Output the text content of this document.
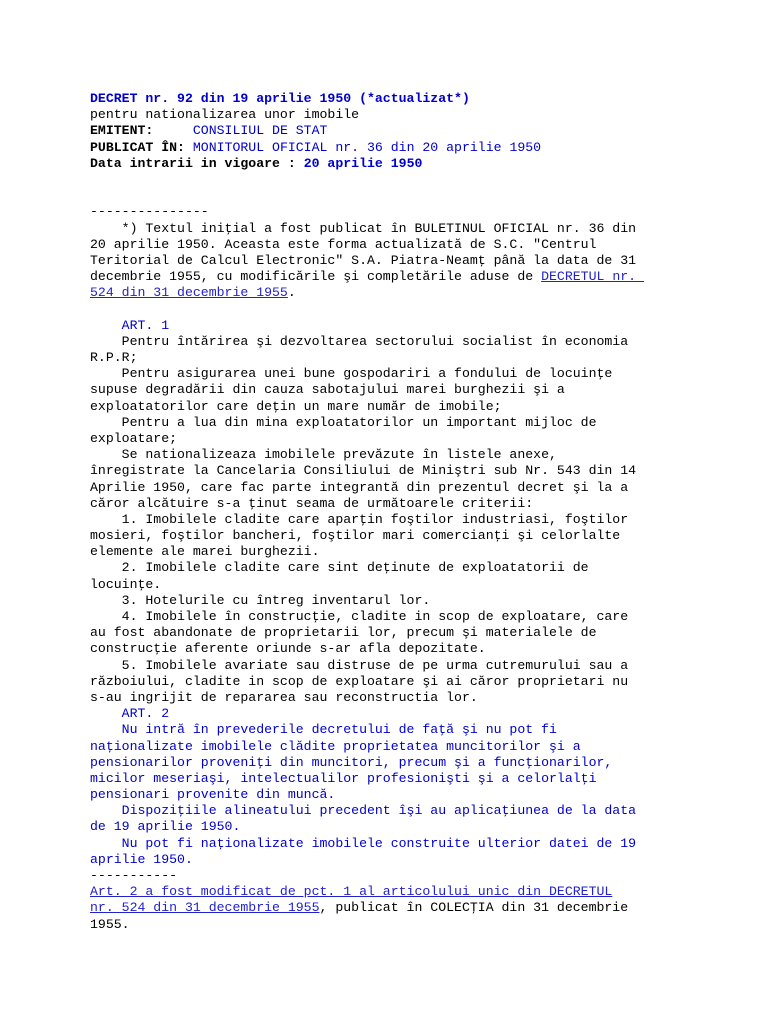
DECRET nr. 92 din 19 aprilie 1950 (*actualizat*)
pentru nationalizarea unor imobile
EMITENT:	CONSILIUL DE STAT
PUBLICAT ÎN: MONITORUL OFICIAL nr. 36 din 20 aprilie 1950
Data intrarii in vigoare : 20 aprilie 1950
---------------
*) Textul iniţial a fost publicat în BULETINUL OFICIAL nr. 36 din
20 aprilie 1950. Aceasta este forma actualizată de S.C. "Centrul
Teritorial de Calcul Electronic" S.A. Piatra-Neamţ până la data de 31
decembrie 1955, cu modificările şi completările aduse de DECRETUL nr.
524 din 31 decembrie 1955.
ART. 1
Pentru întărirea şi dezvoltarea sectorului socialist în economia
R.P.R;
Pentru asigurarea unei bune gospodariri a fondului de locuinţe
supuse degradării din cauza sabotajului marei burghezii şi a
exploatatorilor care deţin un mare număr de imobile;
Pentru a lua din mina exploatatorilor un important mijloc de
exploatare;
Se nationalizeaza imobilele prevăzute în listele anexe,
înregistrate la Cancelaria Consiliului de Miniştri sub Nr. 543 din 14
Aprilie 1950, care fac parte integrantă din prezentul decret şi la a
căror alcătuire s-a ţinut seama de următoarele criterii:
1. Imobilele cladite care aparţin foştilor industriasi, foştilor
mosieri, foştilor bancheri, foştilor mari comercianţi şi celorlalte
elemente ale marei burghezii.
2. Imobilele cladite care sint deţinute de exploatatorii de
locuinţe.
3. Hotelurile cu întreg inventarul lor.
4. Imobilele în construcţie, cladite in scop de exploatare, care
au fost abandonate de proprietarii lor, precum şi materialele de
construcţie aferente oriunde s-ar afla depozitate.
5. Imobilele avariate sau distruse de pe urma cutremurului sau a
războiului, cladite in scop de exploatare şi ai căror proprietari nu
s-au ingrijit de repararea sau reconstructia lor.
ART. 2
Nu intră în prevederile decretului de faţă şi nu pot fi
naţionalizate imobilele clădite proprietatea muncitorilor şi a
pensionarilor proveniţi din muncitori, precum şi a funcţionarilor,
micilor meseriaşi, intelectualilor profesionişti şi a celorlalţi
pensionari provenite din muncă.
Dispoziţiile alineatului precedent îşi au aplicaţiunea de la data
de 19 aprilie 1950.
Nu pot fi naţionalizate imobilele construite ulterior datei de 19
aprilie 1950.
-----------
Art. 2 a fost modificat de pct. 1 al articolului unic din DECRETUL
nr. 524 din 31 decembrie 1955, publicat în COLECŢIA din 31 decembrie
1955.
